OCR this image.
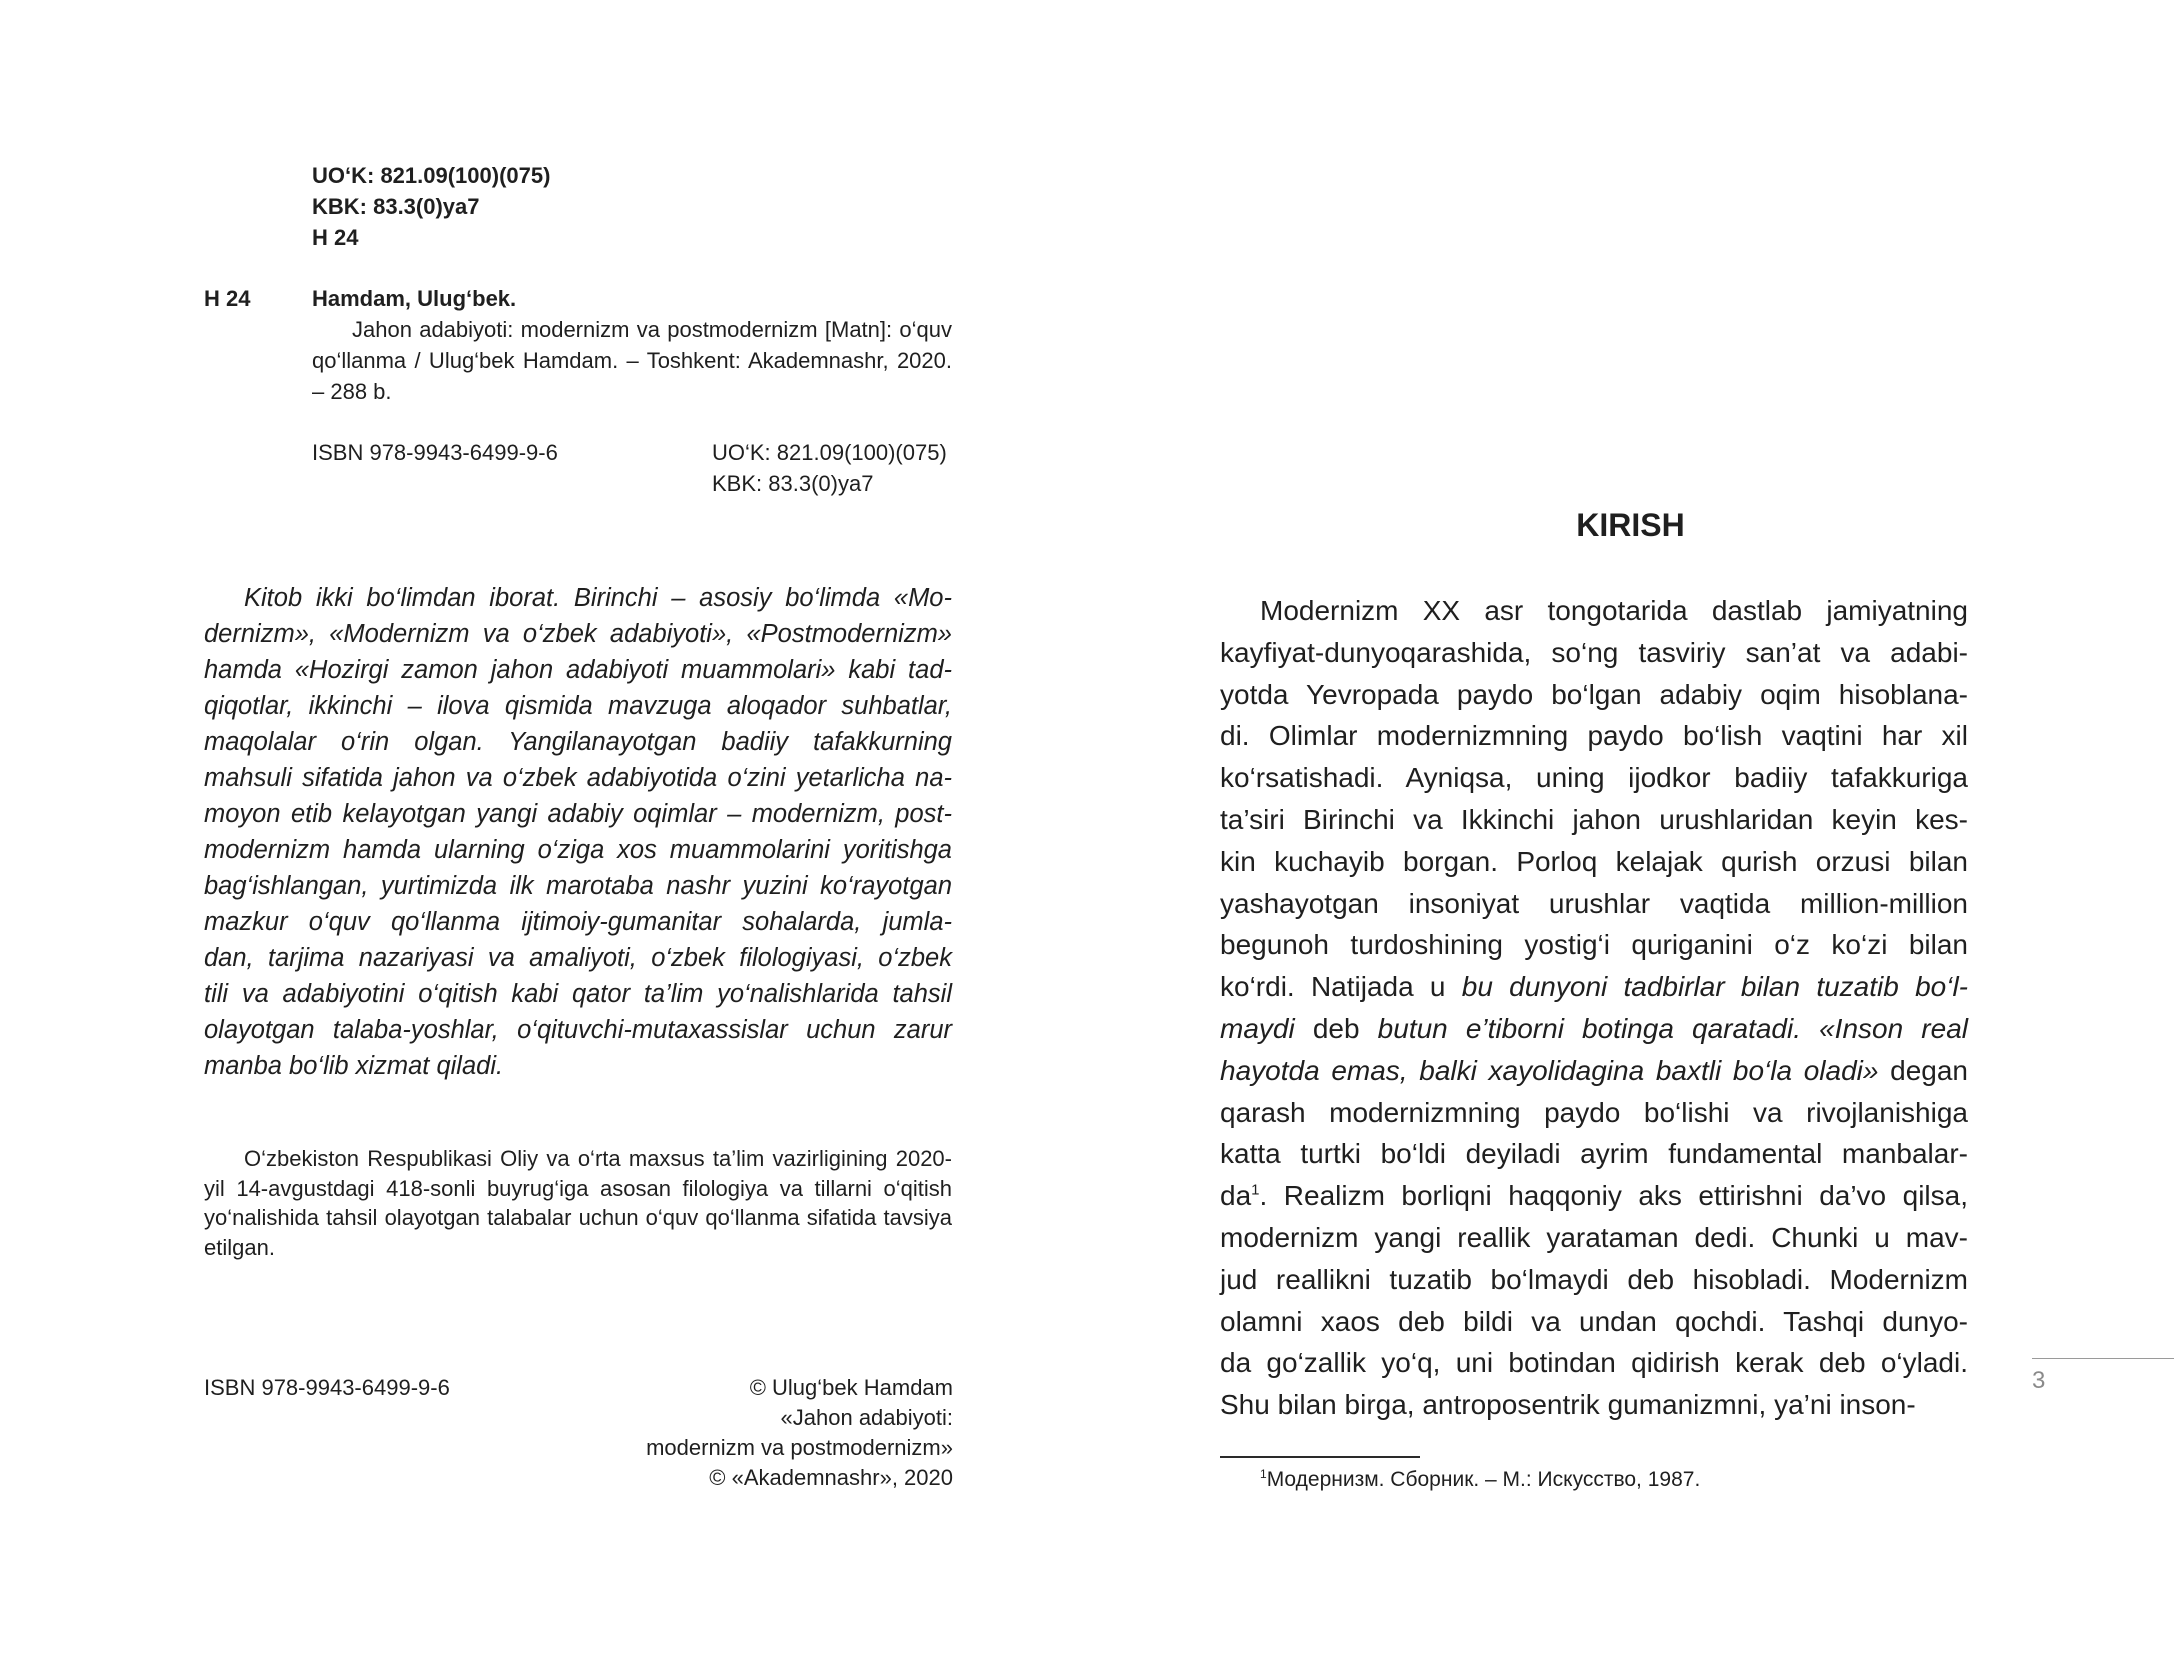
UO‘K: 821.09(100)(075)
KBK: 83.3(0)ya7
H 24
H 24	Hamdam, Ulug‘bek.
Jahon adabiyoti: modernizm va postmodernizm [Matn]: o‘quv qo‘llanma / Ulug‘bek Hamdam. – Toshkent: Akademnashr, 2020. – 288 b.
ISBN 978-9943-6499-9-6	UO‘K: 821.09(100)(075)
KBK: 83.3(0)ya7
Kitob ikki bo‘limdan iborat. Birinchi – asosiy bo‘limda «Mo-
dernizm», «Modernizm va o‘zbek adabiyoti», «Postmodernizm»
hamda «Hozirgi zamon jahon adabiyoti muammolari» kabi tad-
qiqotlar, ikkinchi – ilova qismida mavzuga aloqador suhbatlar,
maqolalar o‘rin olgan. Yangilanayotgan badiiy tafakkurning
mahsuli sifatida jahon va o‘zbek adabiyotida o‘zini yetarlicha na-
moyon etib kelayotgan yangi adabiy oqimlar – modernizm, post-
modernizm hamda ularning o‘ziga xos muammolarini yoritishga
bag‘ishlangan, yurtimizda ilk marotaba nashr yuzini ko‘rayotgan
mazkur o‘quv qo‘llanma ijtimoiy-gumanitar sohalarda, jumla-
dan, tarjima nazariyasi va amaliyoti, o‘zbek filologiyasi, o‘zbek
tili va adabiyotini o‘qitish kabi qator ta’lim yo‘nalishlarida tahsil
olayotgan talaba-yoshlar, o‘qituvchi-mutaxassislar uchun zarur
manba bo‘lib xizmat qiladi.
O‘zbekiston Respublikasi Oliy va o‘rta maxsus ta’lim vazirligining 2020-yil 14-avgustdagi 418-sonli buyrug‘iga asosan filologiya va tillarni o‘qitish yo‘nalishida tahsil olayotgan talabalar uchun o‘quv qo‘llanma sifatida tavsiya etilgan.
ISBN 978-9943-6499-9-6	© Ulug‘bek Hamdam
«Jahon adabiyoti:
modernizm va postmodernizm»
© «Akademnashr», 2020
KIRISH
Modernizm XX asr tongotarida dastlab jamiyatning
kayfiyat-dunyoqarashida, so‘ng tasviriy san’at va adabi-
yotda Yevropada paydo bo‘lgan adabiy oqim hisoblana-
di. Olimlar modernizmning paydo bo‘lish vaqtini har xil
ko‘rsatishadi. Ayniqsa, uning ijodkor badiiy tafakkuriga
ta’siri Birinchi va Ikkinchi jahon urushlaridan keyin kes-
kin kuchayib borgan. Porloq kelajak qurish orzusi bilan
yashayotgan insoniyat urushlar vaqtida million-million
begunoh turdoshining yostig‘i quriganini o‘z ko‘zi bilan
ko‘rdi. Natijada u bu dunyoni tadbirlar bilan tuzatib bo‘l-
maydi deb butun e’tiborni botinga qaratadi. «Inson real
hayotda emas, balki xayolidagina baxtli bo‘la oladi» degan
qarash modernizmning paydo bo‘lishi va rivojlanishiga
katta turtki bo‘ldi deyiladi ayrim fundamental manbalar-
$da^1$. Realizm borliqni haqqoniy aks ettirishni da’vo qilsa,
modernizm yangi reallik yarataman dedi. Chunki u mav-
jud reallikni tuzatib bo‘lmaydi deb hisobladi. Modernizm
olamni xaos deb bildi va undan qochdi. Tashqi dunyo-
da go‘zallik yo‘q, uni botindan qidirish kerak deb o‘yladi.
Shu bilan birga, antroposentrik gumanizmni, ya’ni inson-
$^1$Модернизм. Сборник. – М.: Искусство, 1987.
3
